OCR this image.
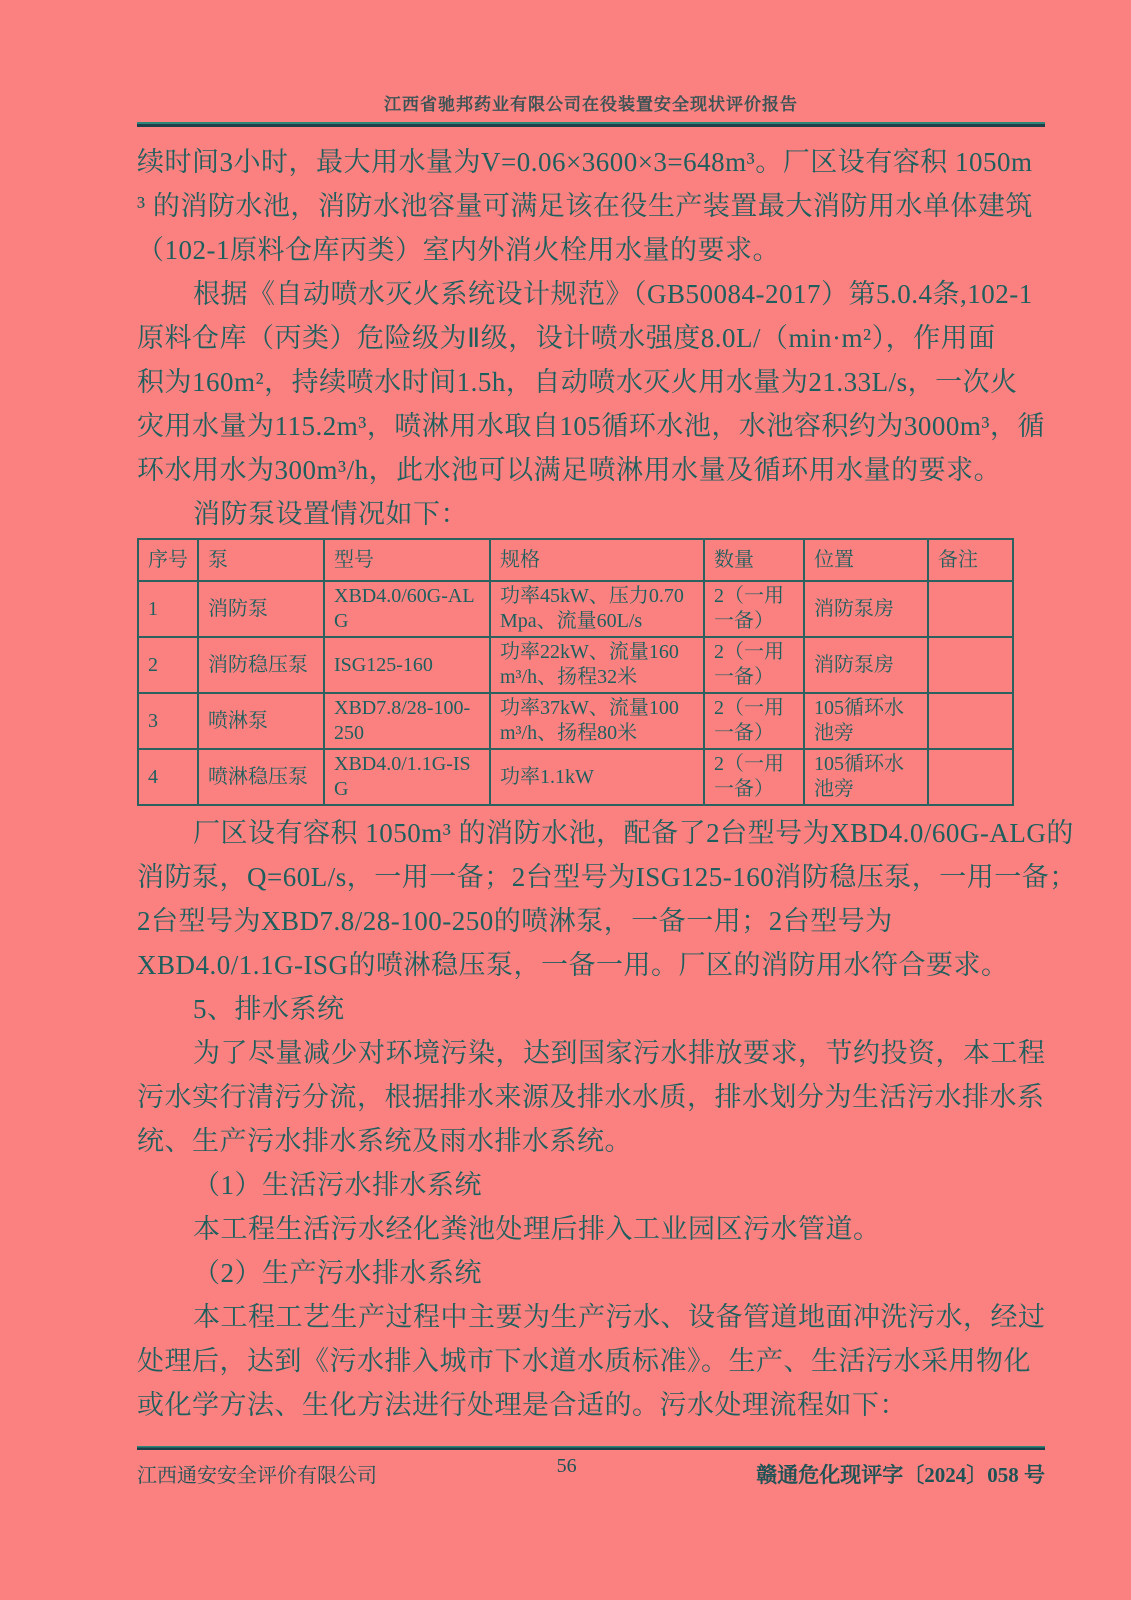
江西省驰邦药业有限公司在役装置安全现状评价报告
续时间3小时，最大用水量为V=0.06×3600×3=648m³。厂区设有容积 1050m
³ 的消防水池，消防水池容量可满足该在役生产装置最大消防用水单体建筑
（102-1原料仓库丙类）室内外消火栓用水量的要求。
根据《自动喷水灭火系统设计规范》（GB50084-2017）第5.0.4条,102-1
原料仓库（丙类）危险级为Ⅱ级，设计喷水强度8.0L/（min·m²），作用面
积为160m²，持续喷水时间1.5h，自动喷水灭火用水量为21.33L/s，一次火
灾用水量为115.2m³，喷淋用水取自105循环水池，水池容积约为3000m³，循
环水用水为300m³/h，此水池可以满足喷淋用水量及循环用水量的要求。
消防泵设置情况如下：
序号	泵	型号	规格	数量	位置	备注
1	消防泵	XBD4.0/60G-ALG	功率45kW、压力0.70Mpa、流量60L/s	2（一用一备）	消防泵房	
2	消防稳压泵	ISG125-160	功率22kW、流量160m³/h、扬程32米	2（一用一备）	消防泵房	
3	喷淋泵	XBD7.8/28-100-250	功率37kW、流量100m³/h、扬程80米	2（一用一备）	105循环水池旁	
4	喷淋稳压泵	XBD4.0/1.1G-ISG	功率1.1kW	2（一用一备）	105循环水池旁	
厂区设有容积 1050m³ 的消防水池，配备了2台型号为XBD4.0/60G-ALG的
消防泵，Q=60L/s，一用一备；2台型号为ISG125-160消防稳压泵，一用一备；
2台型号为XBD7.8/28-100-250的喷淋泵，一备一用；2台型号为
XBD4.0/1.1G-ISG的喷淋稳压泵，一备一用。厂区的消防用水符合要求。
5、排水系统
为了尽量减少对环境污染，达到国家污水排放要求，节约投资，本工程
污水实行清污分流，根据排水来源及排水水质，排水划分为生活污水排水系
统、生产污水排水系统及雨水排水系统。
（1）生活污水排水系统
本工程生活污水经化粪池处理后排入工业园区污水管道。
（2）生产污水排水系统
本工程工艺生产过程中主要为生产污水、设备管道地面冲洗污水，经过
处理后，达到《污水排入城市下水道水质标准》。生产、生活污水采用物化
或化学方法、生化方法进行处理是合适的。污水处理流程如下：
江西通安安全评价有限公司	56	赣通危化现评字〔2024〕058 号
